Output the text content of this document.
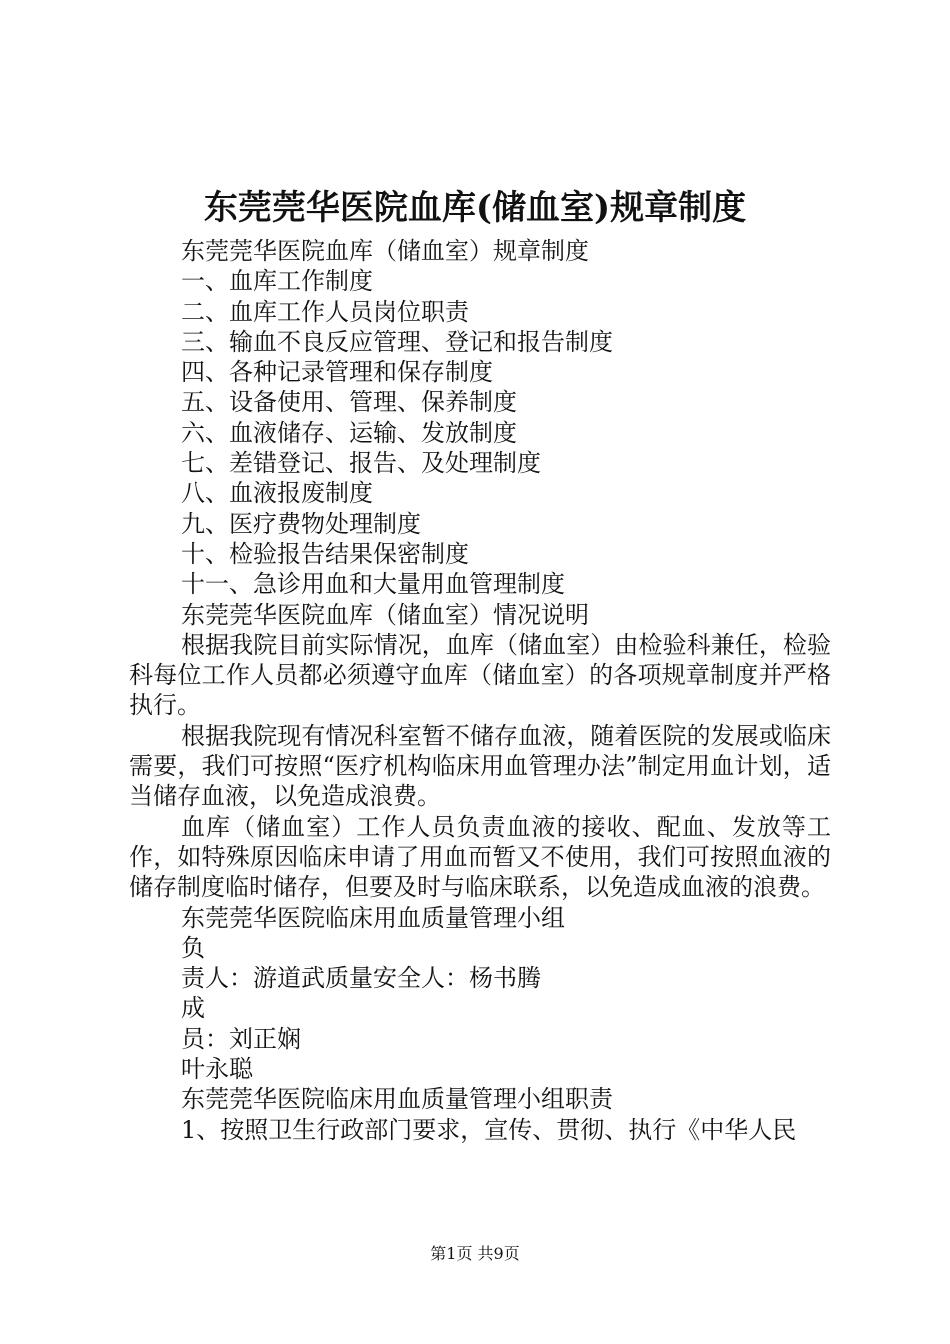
东莞莞华医院血库(储血室)规章制度
东莞莞华医院血库（储血室）规章制度
一、血库工作制度
二、血库工作人员岗位职责
三、输血不良反应管理、登记和报告制度
四、各种记录管理和保存制度
五、设备使用、管理、保养制度
六、血液储存、运输、发放制度
七、差错登记、报告、及处理制度
八、血液报废制度
九、医疗费物处理制度
十、检验报告结果保密制度
十一、急诊用血和大量用血管理制度
东莞莞华医院血库（储血室）情况说明
根据我院目前实际情况，血库（储血室）由检验科兼任，检验科每位工作人员都必须遵守血库（储血室）的各项规章制度并严格执行。
根据我院现有情况科室暂不储存血液，随着医院的发展或临床需要，我们可按照“医疗机构临床用血管理办法”制定用血计划，适当储存血液，以免造成浪费。
血库（储血室）工作人员负责血液的接收、配血、发放等工作，如特殊原因临床申请了用血而暂又不使用，我们可按照血液的储存制度临时储存，但要及时与临床联系，以免造成血液的浪费。
东莞莞华医院临床用血质量管理小组
负
责人：游道武质量安全人：杨书腾
成
员：刘正娴
叶永聪
东莞莞华医院临床用血质量管理小组职责
1、按照卫生行政部门要求，宣传、贯彻、执行《中华人民
第1页 共9页
